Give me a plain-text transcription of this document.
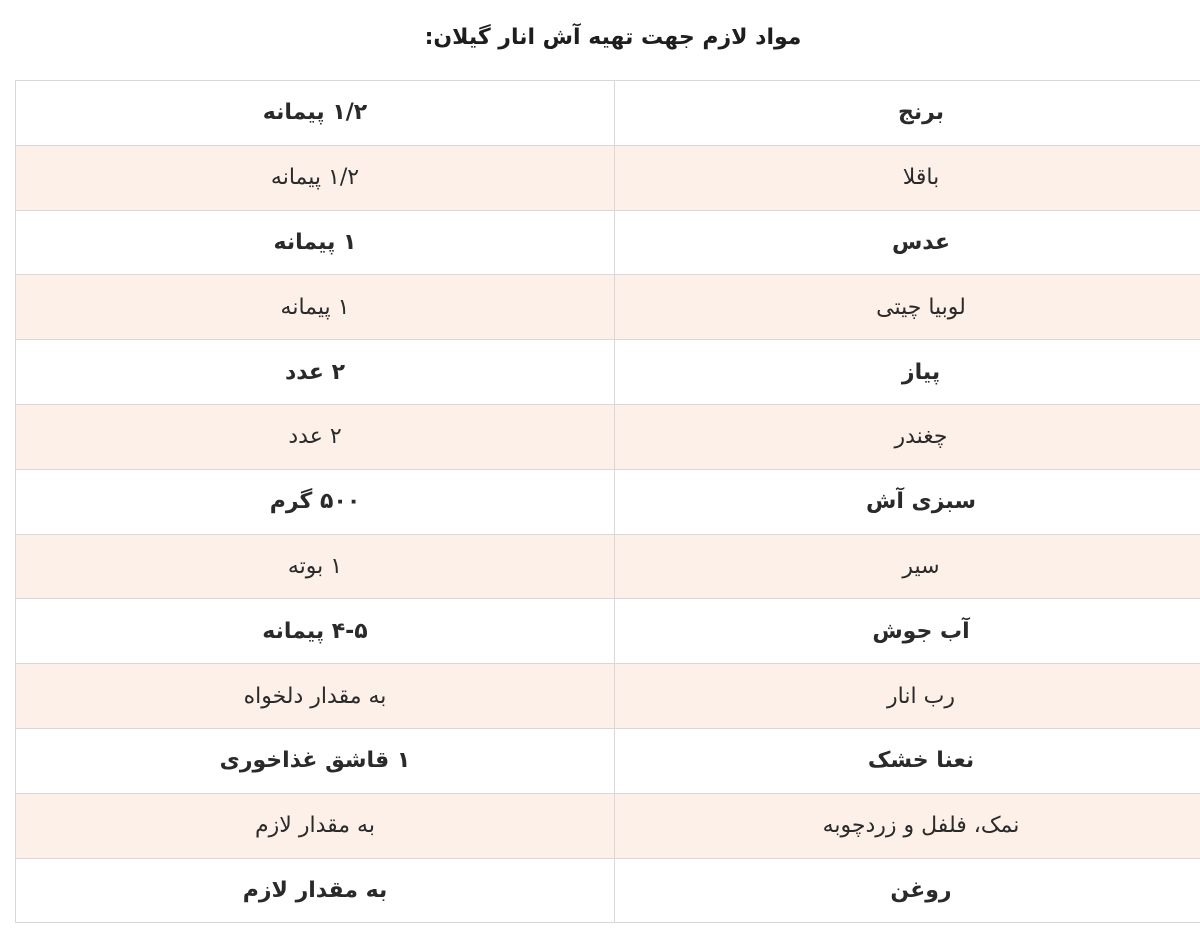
مواد لازم جهت تهیه آش انار گیلان:
برنج	۱/۲ پیمانه
باقلا	۱/۲ پیمانه
عدس	۱ پیمانه
لوبیا چیتی	۱ پیمانه
پیاز	۲ عدد
چغندر	۲ عدد
سبزی آش	۵۰۰ گرم
سیر	۱ بوته
آب جوش	۴-۵ پیمانه
رب انار	به مقدار دلخواه
نعنا خشک	۱ قاشق غذاخوری
نمک، فلفل و زردچوبه	به مقدار لازم
روغن	به مقدار لازم
